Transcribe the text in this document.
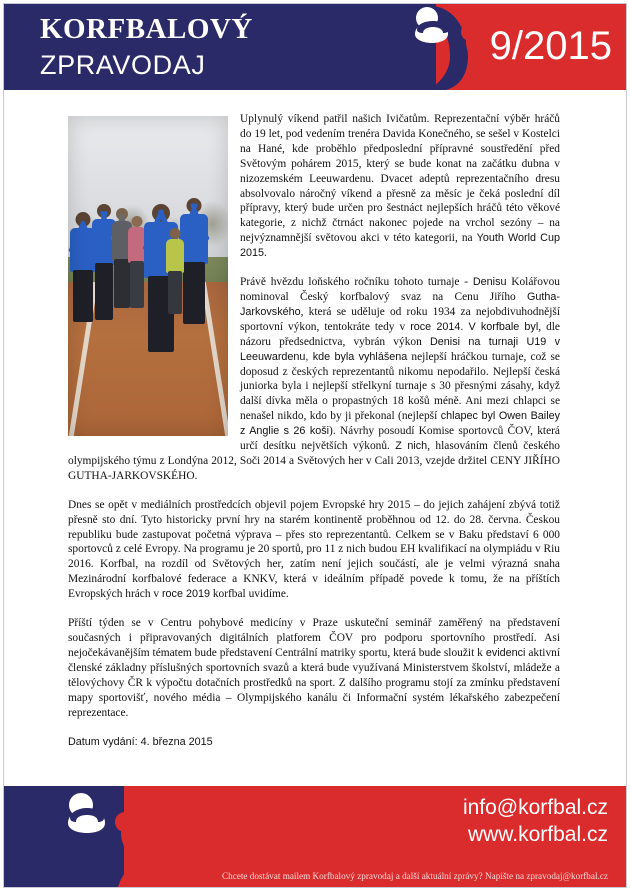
KORFBALOVÝ
ZPRAVODAJ	9/2015

Uplynulý víkend patřil našich Ivičatům. Reprezentační výběr hráčů do 19 let, pod vedením trenéra Davida Konečného, se sešel v Kostelci na Hané, kde proběhlo předposlední přípravné soustředění před Světovým pohárem 2015, který se bude konat na začátku dubna v nizozemském Leeuwardenu. Dvacet adeptů reprezentačního dresu absolvovalo náročný víkend a přesně za měsíc je čeká poslední díl přípravy, který bude určen pro šestnáct nejlepších hráčů této věkové kategorie, z nichž čtrnáct nakonec pojede na vrchol sezóny – na nejvýznamnější světovou akci v této kategorii, na Youth World Cup 2015.

Právě hvězdu loňského ročníku tohoto turnaje - Denisu Kolářovou nominoval Český korfbalový svaz na Cenu Jiřího Gutha-Jarkovského, která se uděluje od roku 1934 za nejobdivuhodnější sportovní výkon, tentokráte tedy v roce 2014. V korfbale byl, dle názoru předsednictva, vybrán výkon Denisi na turnaji U19 v Leeuwardenu, kde byla vyhlášena nejlepší hráčkou turnaje, což se doposud z českých reprezentantů nikomu nepodařilo. Nejlepší česká juniorka byla i nejlepší střelkyní turnaje s 30 přesnými zásahy, když další dívka měla o propastných 18 košů méně. Ani mezi chlapci se nenašel nikdo, kdo by ji překonal (nejlepší chlapec byl Owen Bailey z Anglie s 26 koši). Návrhy posoudí Komise sportovců ČOV, která určí desítku největších výkonů. Z nich, hlasováním členů českého olympijského týmu z Londýna 2012, Soči 2014 a Světových her v Cali 2013, vzejde držitel CENY JIŘÍHO GUTHA-JARKOVSKÉHO.

Dnes se opět v mediálních prostředcích objevil pojem Evropské hry 2015 – do jejich zahájení zbývá totiž přesně sto dní. Tyto historicky první hry na starém kontinentě proběhnou od 12. do 28. června. Českou republiku bude zastupovat početná výprava – přes sto reprezentantů. Celkem se v Baku představí 6 000 sportovců z celé Evropy. Na programu je 20 sportů, pro 11 z nich budou EH kvalifikací na olympiádu v Riu 2016. Korfbal, na rozdíl od Světových her, zatím není jejich součástí, ale je velmi výrazná snaha Mezinárodní korfbalové federace a KNKV, která v ideálním případě povede k tomu, že na příštích Evropských hrách v roce 2019 korfbal uvidíme.

Příští týden se v Centru pohybové medicíny v Praze uskuteční seminář zaměřený na představení současných i připravovaných digitálních platforem ČOV pro podporu sportovního prostředí. Asi nejočekávanějším tématem bude představení Centrální matriky sportu, která bude sloužit k evidenci aktivní členské základny příslušných sportovních svazů a která bude využívaná Ministerstvem školství, mládeže a tělovýchovy ČR k výpočtu dotačních prostředků na sport. Z dalšího programu stojí za zmínku představení mapy sportovišť, nového média – Olympijského kanálu či Informační systém lékařského zabezpečení reprezentace.

Datum vydání: 4. března 2015

info@korfbal.cz
www.korfbal.cz
Chcete dostávat mailem Korfbalový zpravodaj a další aktuální zprávy? Napište na zpravodaj@korfbal.cz
